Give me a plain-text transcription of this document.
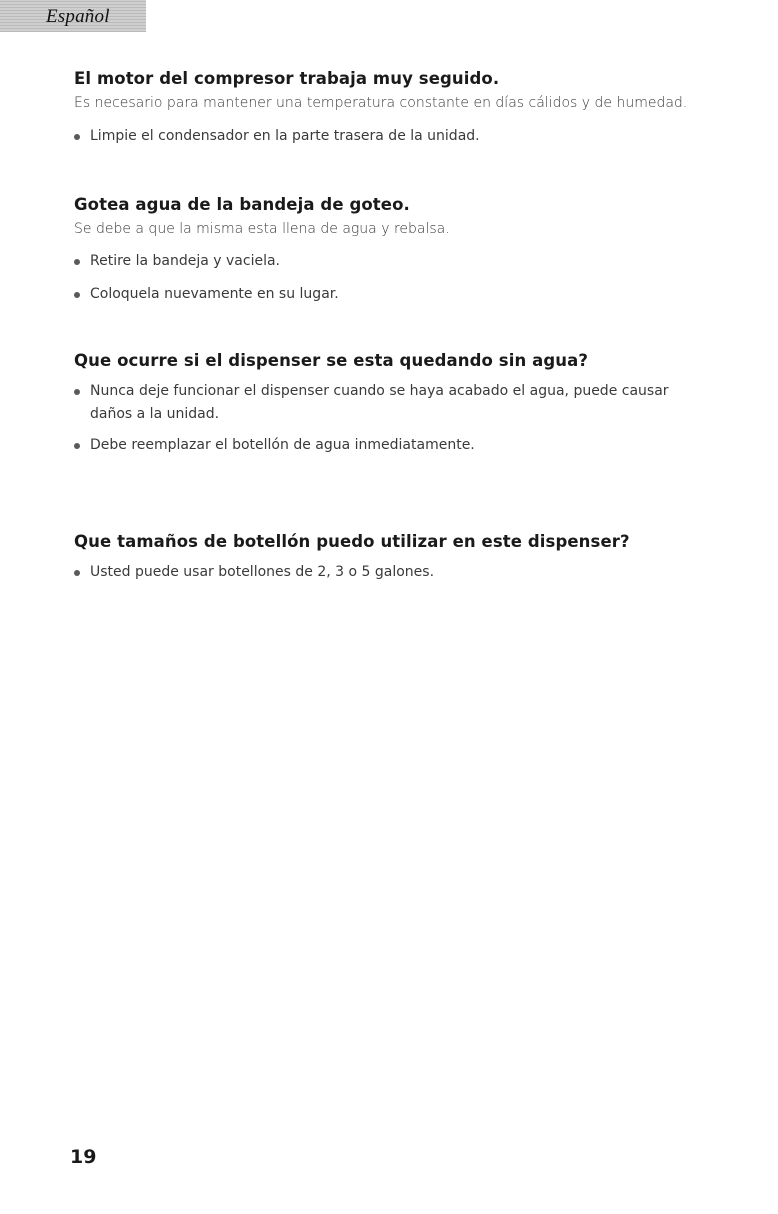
Español

El motor del compresor trabaja muy seguido.

Es necesario para mantener una temperatura constante en días cálidos y de humedad.

Limpie el condensador en la parte trasera de la unidad.

Gotea agua de la bandeja de goteo.

Se debe a que la misma esta llena de agua y rebalsa.

Retire la bandeja y vaciela.
Coloquela nuevamente en su lugar.

Que ocurre si el dispenser se esta quedando sin agua?

Nunca deje funcionar el dispenser cuando se haya acabado el agua, puede causar daños a la unidad.
Debe reemplazar el botellón de agua inmediatamente.

Que tamaños de botellón puedo utilizar en este dispenser?

Usted puede usar botellones de 2, 3 o 5 galones.
19
